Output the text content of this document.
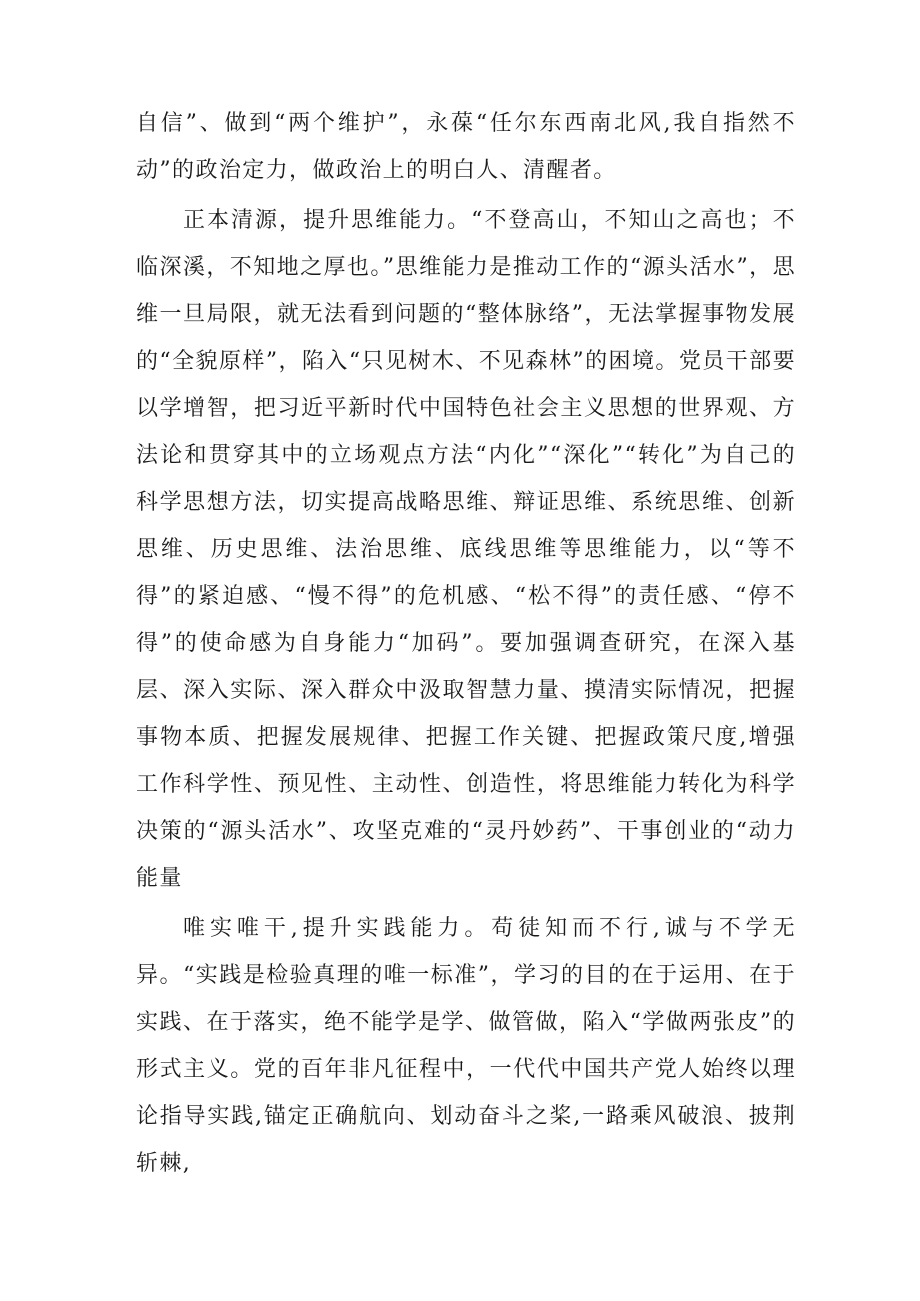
自信”、做到“两个维护”，永葆“任尔东西南北风,我自指然不动”的政治定力，做政治上的明白人、清醒者。

正本清源，提升思维能力。“不登高山，不知山之高也；不临深溪，不知地之厚也。”思维能力是推动工作的“源头活水”，思维一旦局限，就无法看到问题的“整体脉络”，无法掌握事物发展的“全貌原样”，陷入“只见树木、不见森林”的困境。党员干部要以学增智，把习近平新时代中国特色社会主义思想的世界观、方法论和贯穿其中的立场观点方法“内化”“深化”“转化”为自己的科学思想方法，切实提高战略思维、辩证思维、系统思维、创新思维、历史思维、法治思维、底线思维等思维能力，以“等不得”的紧迫感、“慢不得”的危机感、“松不得”的责任感、“停不得”的使命感为自身能力“加码”。要加强调查研究，在深入基层、深入实际、深入群众中汲取智慧力量、摸清实际情况，把握事物本质、把握发展规律、把握工作关键、把握政策尺度,增强工作科学性、预见性、主动性、创造性，将思维能力转化为科学决策的“源头活水”、攻坚克难的“灵丹妙药”、干事创业的“动力能量

唯实唯干,提升实践能力。苟徒知而不行,诚与不学无异。“实践是检验真理的唯一标准”，学习的目的在于运用、在于实践、在于落实，绝不能学是学、做管做，陷入“学做两张皮”的形式主义。党的百年非凡征程中，一代代中国共产党人始终以理论指导实践,锚定正确航向、划动奋斗之桨,一路乘风破浪、披荆斩棘,
